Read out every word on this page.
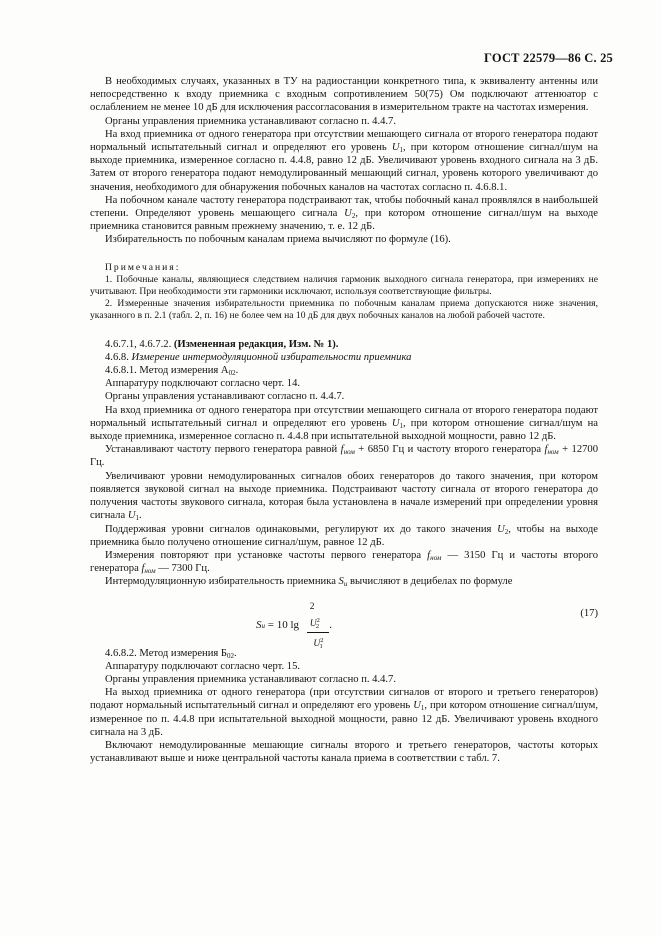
ГОСТ 22579—86 С. 25

В необходимых случаях, указанных в ТУ на радиостанции конкретного типа, к эквиваленту антенны или непосредственно к входу приемника с входным сопротивлением 50(75) Ом подключают аттенюатор с ослаблением не менее 10 дБ для исключения рассогласования в измерительном тракте на частотах измерения.

Органы управления приемника устанавливают согласно п. 4.4.7.

На вход приемника от одного генератора при отсутствии мешающего сигнала от второго генератора подают нормальный испытательный сигнал и определяют его уровень $U_1$, при котором отношение сигнал/шум на выходе приемника, измеренное согласно п. 4.4.8, равно 12 дБ. Увеличивают уровень входного сигнала на 3 дБ. Затем от второго генератора подают немодулированный мешающий сигнал, уровень которого увеличивают до значения, необходимого для обнаружения побочных каналов на частотах согласно п. 4.6.8.1.

На побочном канале частоту генератора подстраивают так, чтобы побочный канал проявлялся в наибольшей степени. Определяют уровень мешающего сигнала $U_2$, при котором отношение сигнал/шум на выходе приемника становится равным прежнему значению, т. е. 12 дБ.

Избирательность по побочным каналам приема вычисляют по формуле (16).

Примечания:

1. Побочные каналы, являющиеся следствием наличия гармоник выходного сигнала генератора, при измерениях не учитывают. При необходимости эти гармоники исключают, используя соответствующие фильтры.

2. Измеренные значения избирательности приемника по побочным каналам приема допускаются ниже значения, указанного в п. 2.1 (табл. 2, п. 16) не более чем на 10 дБ для двух побочных каналов на любой рабочей частоте.

4.6.7.1, 4.6.7.2. (Измененная редакция, Изм. № 1).

4.6.8. Измерение интермодуляционной избирательности приемника

4.6.8.1. Метод измерения $А_{02}$.

Аппаратуру подключают согласно черт. 14.

Органы управления устанавливают согласно п. 4.4.7.

На вход приемника от одного генератора при отсутствии мешающего сигнала от второго генератора подают нормальный испытательный сигнал и определяют его уровень $U_1$, при котором отношение сигнал/шум на выходе приемника, измеренное согласно п. 4.4.8 при испытательной выходной мощности, равно 12 дБ.

Устанавливают частоту первого генератора равной $f_{ном} + 6850$ Гц и частоту второго генератора $f_{ном} + 12700$ Гц.

Увеличивают уровни немодулированных сигналов обоих генераторов до такого значения, при котором появляется звуковой сигнал на выходе приемника. Подстраивают частоту сигнала от второго генератора до получения частоты звукового сигнала, которая была установлена в начале измерений при определении уровня сигнала $U_1$.

Поддерживая уровни сигналов одинаковыми, регулируют их до такого значения $U_2$, чтобы на выходе приемника было получено отношение сигнал/шум, равное 12 дБ.

Измерения повторяют при установке частоты первого генератора $f_{ном}$ — 3150 Гц и частоты второго генератора $f_{ном}$ — 7300 Гц.

Интермодуляционную избирательность приемника $S_и$ вычисляют в децибелах по формуле

S и = 10 $\lg \frac{2 U^2_2}{U^2_1}$ .
(17)

4.6.8.2. Метод измерения $Б_{02}$.

Аппаратуру подключают согласно черт. 15.

Органы управления приемника устанавливают согласно п. 4.4.7.

На выход приемника от одного генератора (при отсутствии сигналов от второго и третьего генераторов) подают нормальный испытательный сигнал и определяют его уровень $U_1$, при котором отношение сигнал/шум, измеренное по п. 4.4.8 при испытательной выходной мощности, равно 12 дБ. Увеличивают уровень входного сигнала на 3 дБ.

Включают немодулированные мешающие сигналы второго и третьего генераторов, частоты которых устанавливают выше и ниже центральной частоты канала приема в соответствии с табл. 7.
